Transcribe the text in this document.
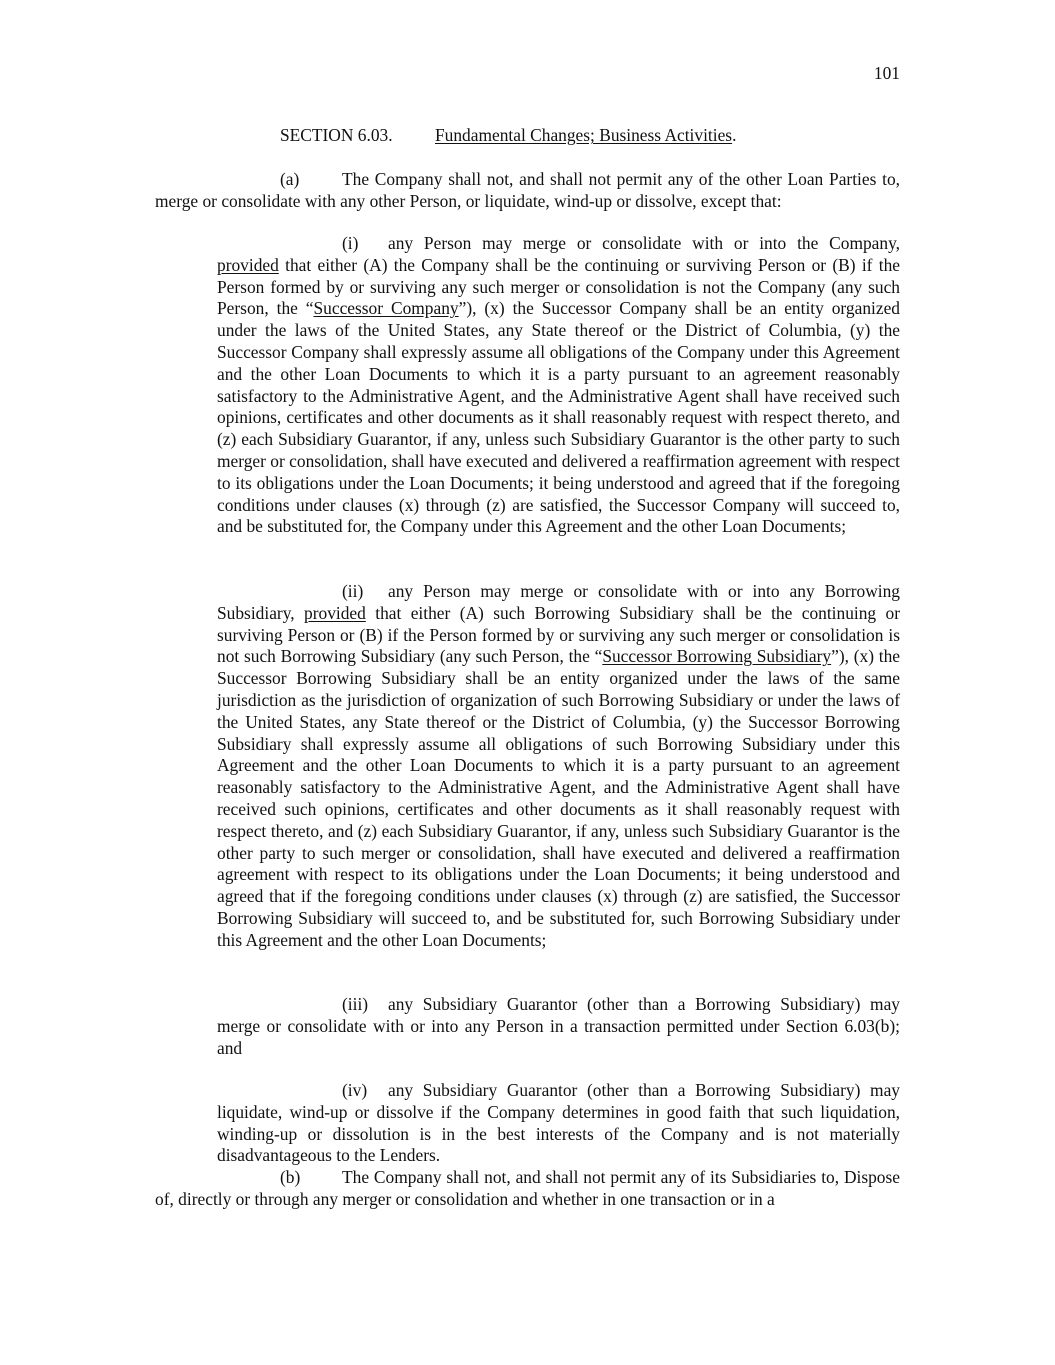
101
SECTION 6.03. Fundamental Changes; Business Activities.

(a) The Company shall not, and shall not permit any of the other Loan Parties to, merge or consolidate with any other Person, or liquidate, wind-up or dissolve, except that:

(i) any Person may merge or consolidate with or into the Company, provided that either (A) the Company shall be the continuing or surviving Person or (B) if the Person formed by or surviving any such merger or consolidation is not the Company (any such Person, the “Successor Company”), (x) the Successor Company shall be an entity organized under the laws of the United States, any State thereof or the District of Columbia, (y) the Successor Company shall expressly assume all obligations of the Company under this Agreement and the other Loan Documents to which it is a party pursuant to an agreement reasonably satisfactory to the Administrative Agent, and the Administrative Agent shall have received such opinions, certificates and other documents as it shall reasonably request with respect thereto, and (z) each Subsidiary Guarantor, if any, unless such Subsidiary Guarantor is the other party to such merger or consolidation, shall have executed and delivered a reaffirmation agreement with respect to its obligations under the Loan Documents; it being understood and agreed that if the foregoing conditions under clauses (x) through (z) are satisfied, the Successor Company will succeed to, and be substituted for, the Company under this Agreement and the other Loan Documents;

(ii) any Person may merge or consolidate with or into any Borrowing Subsidiary, provided that either (A) such Borrowing Subsidiary shall be the continuing or surviving Person or (B) if the Person formed by or surviving any such merger or consolidation is not such Borrowing Subsidiary (any such Person, the “Successor Borrowing Subsidiary”), (x) the Successor Borrowing Subsidiary shall be an entity organized under the laws of the same jurisdiction as the jurisdiction of organization of such Borrowing Subsidiary or under the laws of the United States, any State thereof or the District of Columbia, (y) the Successor Borrowing Subsidiary shall expressly assume all obligations of such Borrowing Subsidiary under this Agreement and the other Loan Documents to which it is a party pursuant to an agreement reasonably satisfactory to the Administrative Agent, and the Administrative Agent shall have received such opinions, certificates and other documents as it shall reasonably request with respect thereto, and (z) each Subsidiary Guarantor, if any, unless such Subsidiary Guarantor is the other party to such merger or consolidation, shall have executed and delivered a reaffirmation agreement with respect to its obligations under the Loan Documents; it being understood and agreed that if the foregoing conditions under clauses (x) through (z) are satisfied, the Successor Borrowing Subsidiary will succeed to, and be substituted for, such Borrowing Subsidiary under this Agreement and the other Loan Documents;

(iii) any Subsidiary Guarantor (other than a Borrowing Subsidiary) may merge or consolidate with or into any Person in a transaction permitted under Section 6.03(b); and

(iv) any Subsidiary Guarantor (other than a Borrowing Subsidiary) may liquidate, wind-up or dissolve if the Company determines in good faith that such liquidation, winding-up or dissolution is in the best interests of the Company and is not materially disadvantageous to the Lenders.

(b) The Company shall not, and shall not permit any of its Subsidiaries to, Dispose of, directly or through any merger or consolidation and whether in one transaction or in a
